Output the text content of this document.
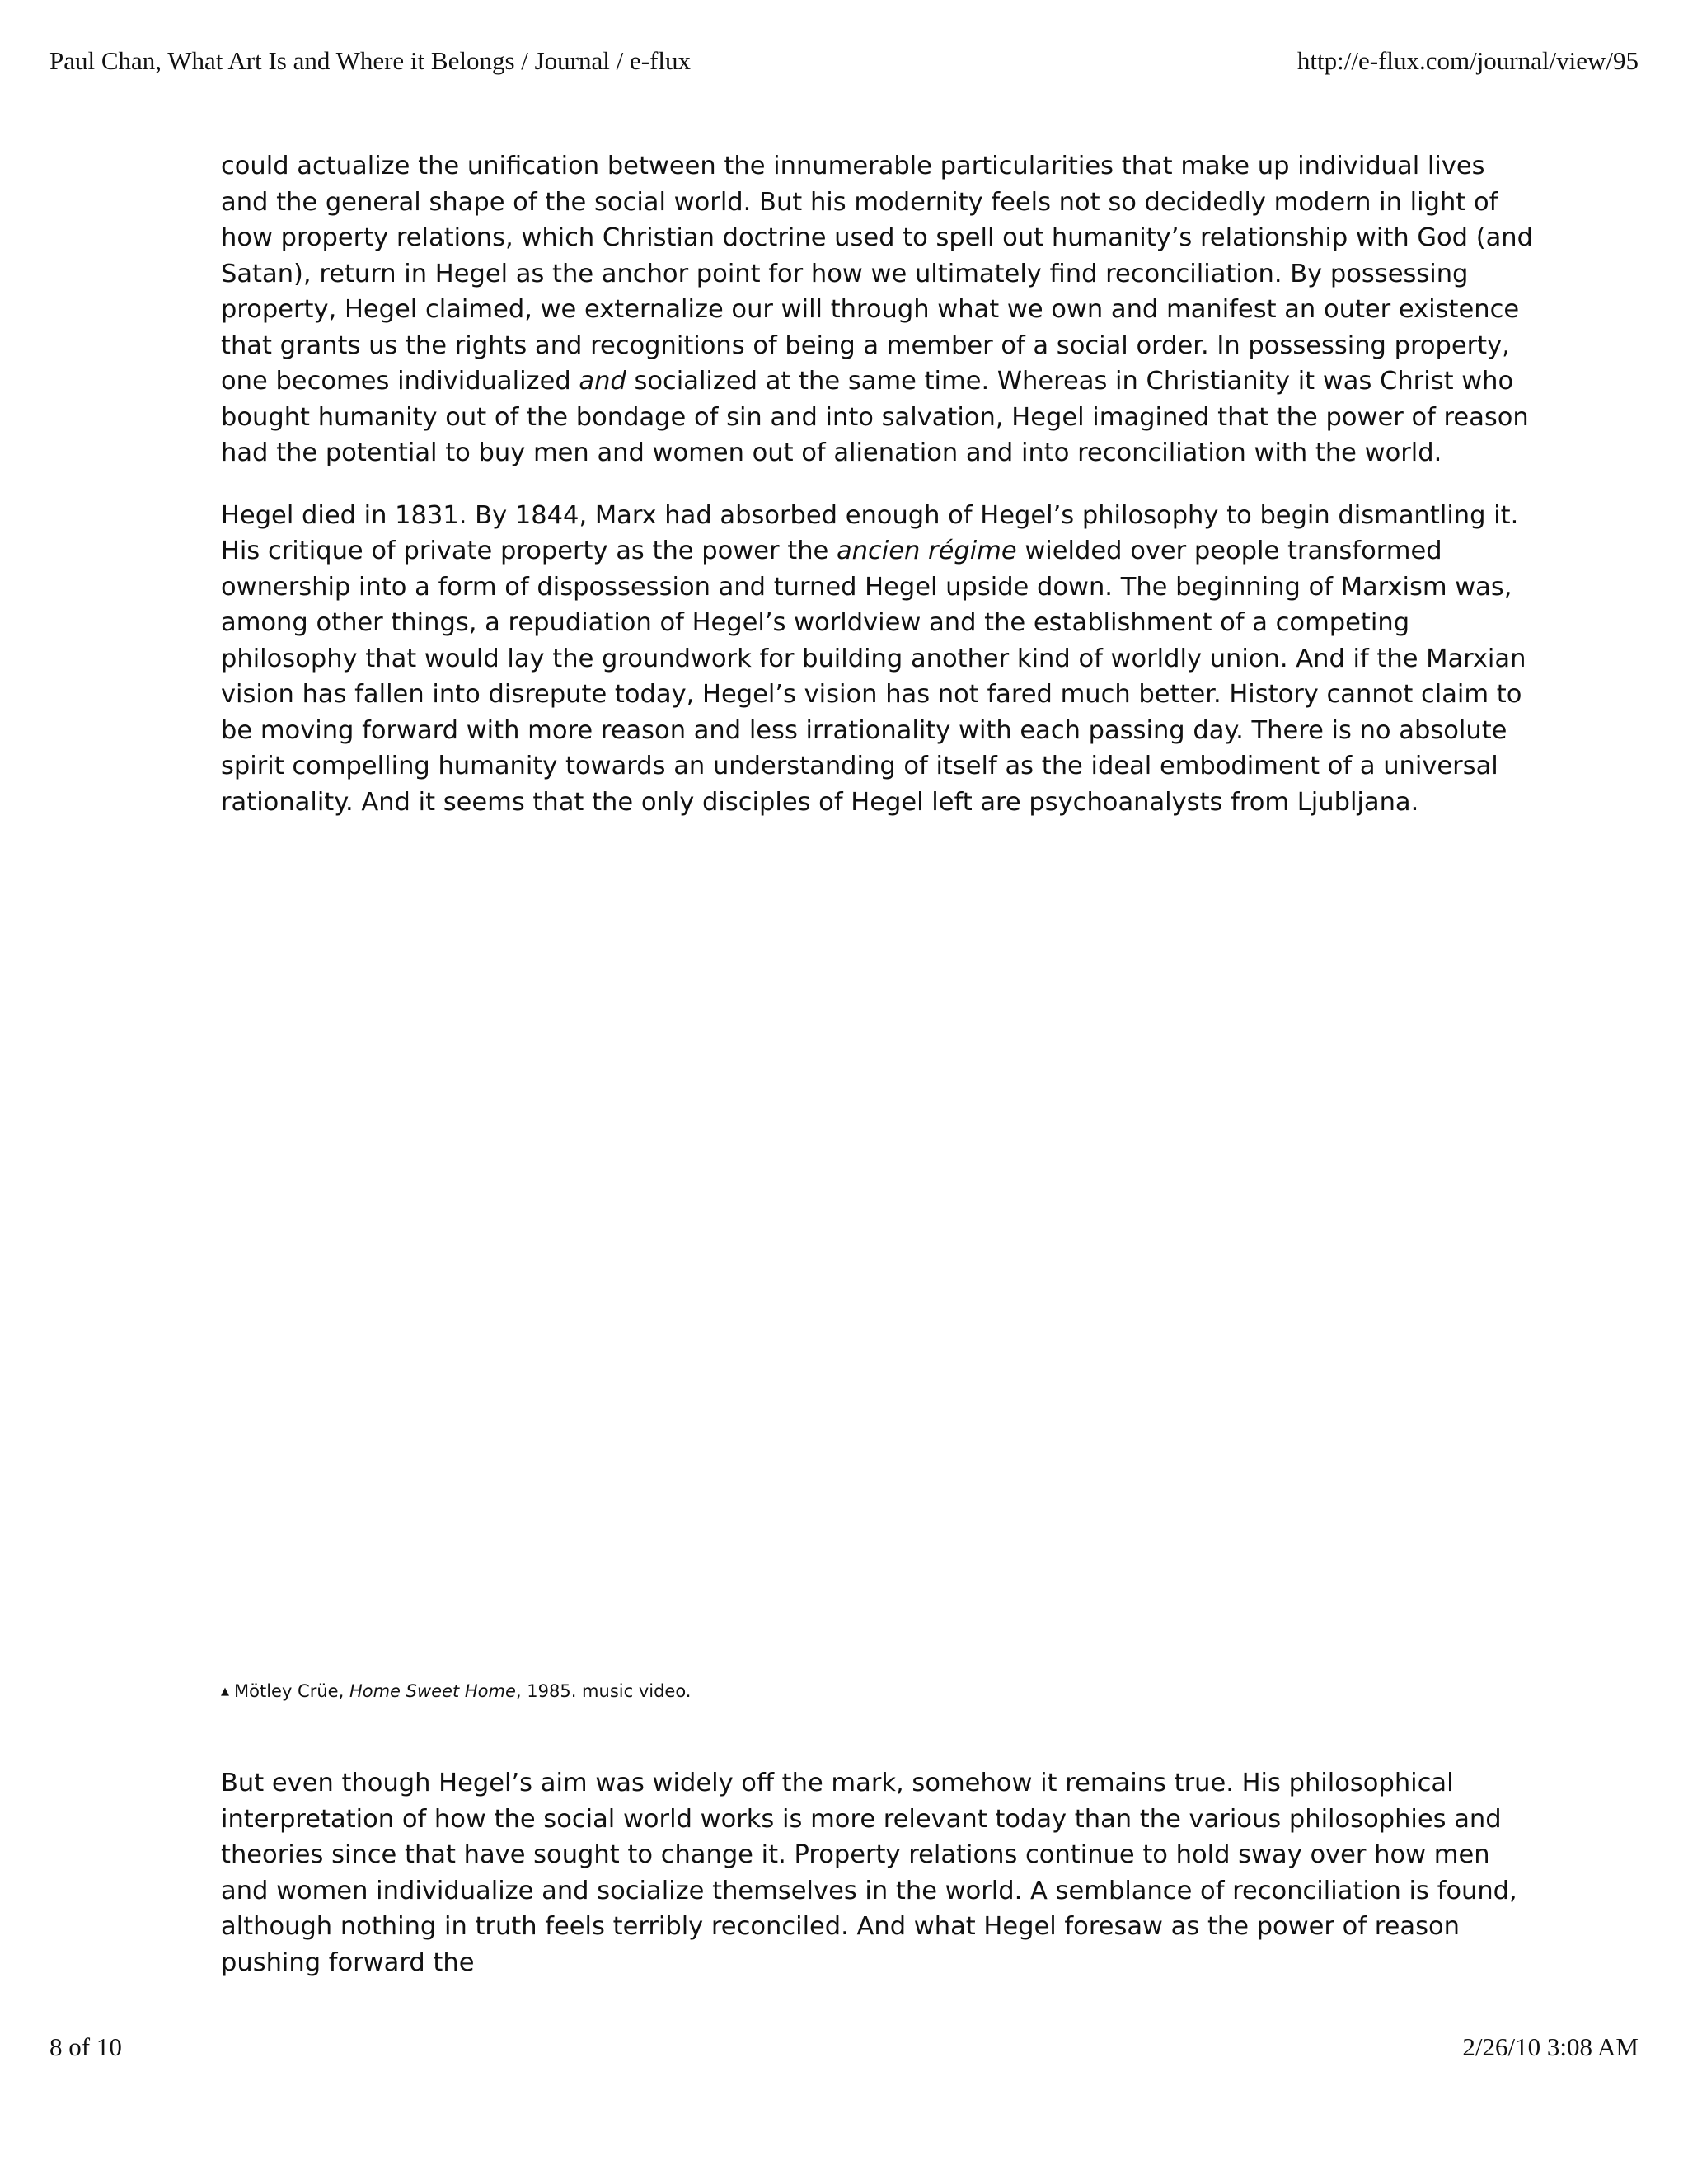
Paul Chan, What Art Is and Where it Belongs / Journal / e-flux	http://e-flux.com/journal/view/95

could actualize the unification between the innumerable particularities that make up individual lives and the general shape of the social world. But his modernity feels not so decidedly modern in light of how property relations, which Christian doctrine used to spell out humanity’s relationship with God (and Satan), return in Hegel as the anchor point for how we ultimately find reconciliation. By possessing property, Hegel claimed, we externalize our will through what we own and manifest an outer existence that grants us the rights and recognitions of being a member of a social order. In possessing property, one becomes individualized and socialized at the same time. Whereas in Christianity it was Christ who bought humanity out of the bondage of sin and into salvation, Hegel imagined that the power of reason had the potential to buy men and women out of alienation and into reconciliation with the world.

Hegel died in 1831. By 1844, Marx had absorbed enough of Hegel’s philosophy to begin dismantling it. His critique of private property as the power the ancien régime wielded over people transformed ownership into a form of dispossession and turned Hegel upside down. The beginning of Marxism was, among other things, a repudiation of Hegel’s worldview and the establishment of a competing philosophy that would lay the groundwork for building another kind of worldly union. And if the Marxian vision has fallen into disrepute today, Hegel’s vision has not fared much better. History cannot claim to be moving forward with more reason and less irrationality with each passing day. There is no absolute spirit compelling humanity towards an understanding of itself as the ideal embodiment of a universal rationality. And it seems that the only disciples of Hegel left are psychoanalysts from Ljubljana.

▲ Mötley Crüe, Home Sweet Home, 1985. music video.

But even though Hegel’s aim was widely off the mark, somehow it remains true. His philosophical interpretation of how the social world works is more relevant today than the various philosophies and theories since that have sought to change it. Property relations continue to hold sway over how men and women individualize and socialize themselves in the world. A semblance of reconciliation is found, although nothing in truth feels terribly reconciled. And what Hegel foresaw as the power of reason pushing forward the

8 of 10	2/26/10 3:08 AM
